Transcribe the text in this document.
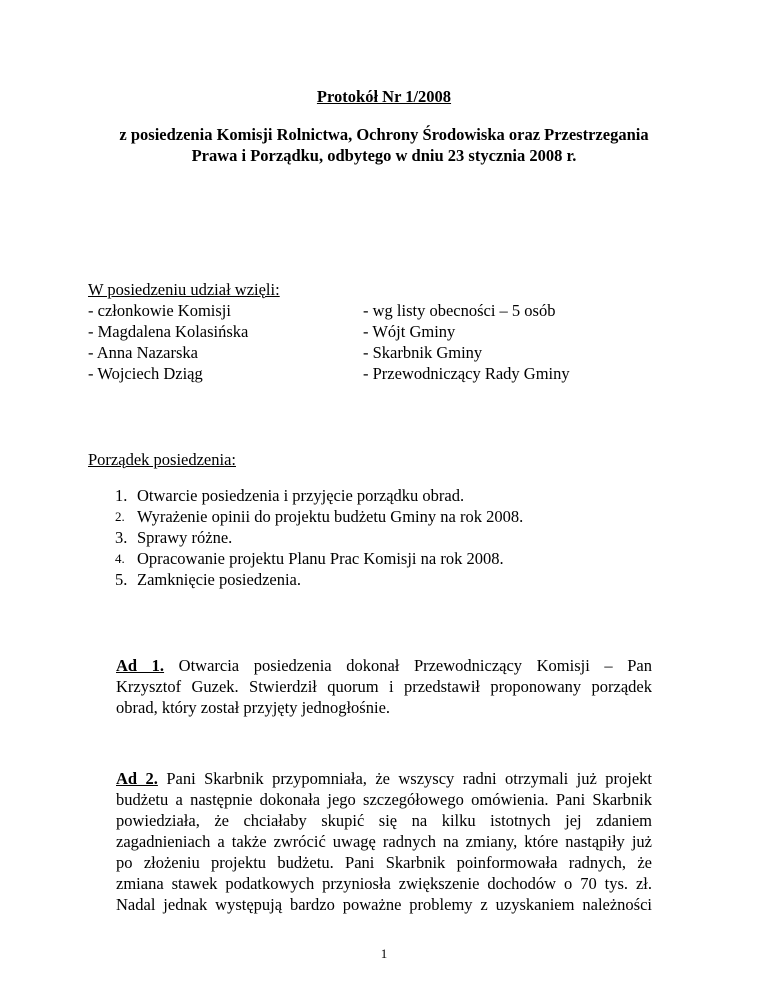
Protokół Nr 1/2008
z posiedzenia Komisji Rolnictwa, Ochrony Środowiska oraz Przestrzegania
Prawa i Porządku, odbytego w dniu 23 stycznia 2008 r.
W posiedzeniu udział wzięli:
- członkowie Komisji
- Magdalena Kolasińska
- Anna Nazarska
- Wojciech Dziąg
- wg listy obecności – 5 osób
- Wójt Gminy
- Skarbnik Gminy
- Przewodniczący Rady Gminy
Porządek posiedzenia:
1. Otwarcie posiedzenia i przyjęcie porządku obrad.
2. Wyrażenie opinii do projektu budżetu Gminy na rok 2008.
3. Sprawy różne.
4. Opracowanie projektu Planu Prac Komisji na rok 2008.
5. Zamknięcie posiedzenia.
Ad 1. Otwarcia posiedzenia dokonał Przewodniczący Komisji – Pan
Krzysztof Guzek. Stwierdził quorum i przedstawił proponowany porządek
obrad, który został przyjęty jednogłośnie.
Ad 2. Pani Skarbnik przypomniała, że wszyscy radni otrzymali już projekt
budżetu a następnie dokonała jego szczegółowego omówienia. Pani Skarbnik
powiedziała, że chciałaby skupić się na kilku istotnych jej zdaniem
zagadnieniach a także zwrócić uwagę radnych na zmiany, które nastąpiły już
po złożeniu projektu budżetu. Pani Skarbnik poinformowała radnych, że
zmiana stawek podatkowych przyniosła zwiększenie dochodów o 70 tys. zł.
Nadal jednak występują bardzo poważne problemy z uzyskaniem należności
1
